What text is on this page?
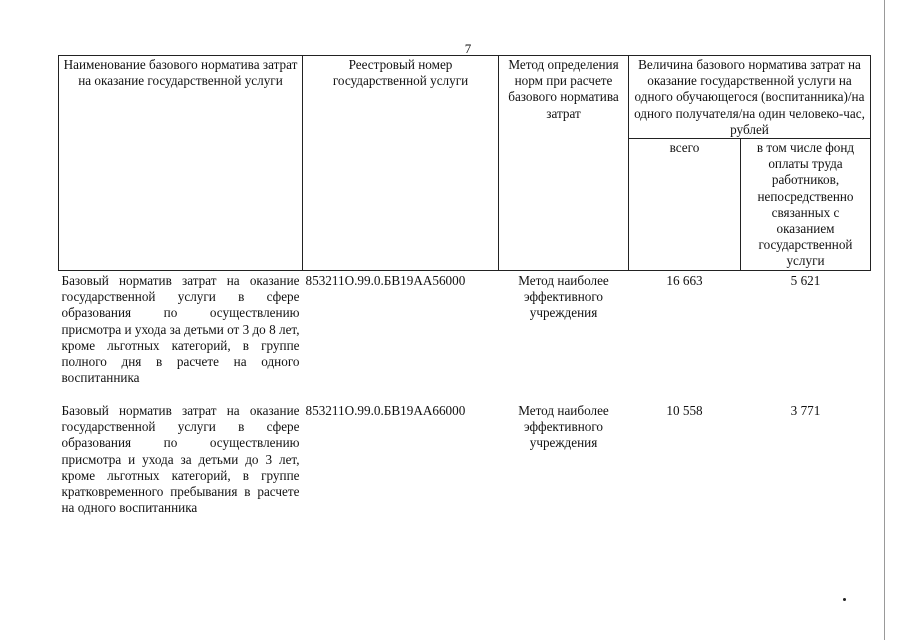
7
Наименование базового норматива затрат на оказание государственной услуги	Реестровый номер государственной услуги	Метод определения норм при расчете базового норматива затрат	Величина базового норматива затрат на оказание государственной услуги на одного обучающегося (воспитанника)/на одного получателя/на один человеко-час, рублей	
			всего	в том числе фонд оплаты труда работников, непосредственно связанных с оказанием государственной услуги
Базовый норматив затрат на оказание государственной услуги в сфере образования по осуществлению присмотра и ухода за детьми от 3 до 8 лет, кроме льготных категорий, в группе полного дня в расчете на одного воспитанника	853211О.99.0.БВ19АА56000	Метод наиболее эффективного учреждения	16 663	5 621
Базовый норматив затрат на оказание государственной услуги в сфере образования по осуществлению присмотра и ухода за детьми до 3 лет, кроме льготных категорий, в группе кратковременного пребывания в расчете на одного воспитанника	853211О.99.0.БВ19АА66000	Метод наиболее эффективного учреждения	10 558	3 771
